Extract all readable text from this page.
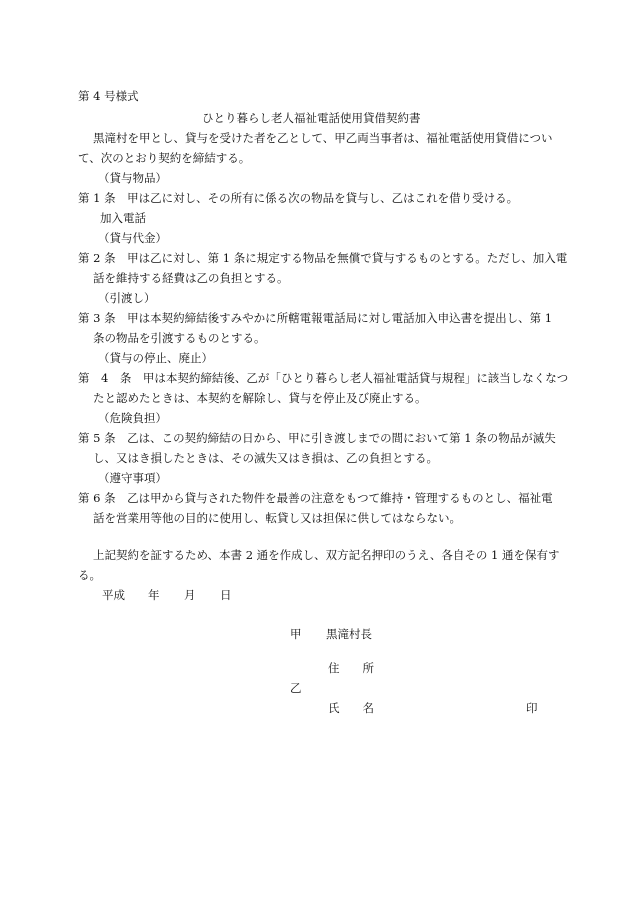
第 4 号様式
ひとり暮らし老人福祉電話使用貸借契約書
黒滝村を甲とし、貸与を受けた者を乙として、甲乙両当事者は、福祉電話使用貸借につい
て、次のとおり契約を締結する。
（貸与物品）
第 1 条　甲は乙に対し、その所有に係る次の物品を貸与し、乙はこれを借り受ける。
加入電話
（貸与代金）
第 2 条　甲は乙に対し、第 1 条に規定する物品を無償で貸与するものとする。ただし、加入電
話を維持する経費は乙の負担とする。
（引渡し）
第 3 条　甲は本契約締結後すみやかに所轄電報電話局に対し電話加入申込書を提出し、第 1
条の物品を引渡するものとする。
（貸与の停止、廃止）
第　4　条　甲は本契約締結後、乙が「ひとり暮らし老人福祉電話貸与規程」に該当しなくなつ
たと認めたときは、本契約を解除し、貸与を停止及び廃止する。
（危険負担）
第 5 条　乙は、この契約締結の日から、甲に引き渡しまでの間において第 1 条の物品が滅失
し、又はき損したときは、その滅失又はき損は、乙の負担とする。
（遵守事項）
第 6 条　乙は甲から貸与された物件を最善の注意をもつて維持・管理するものとし、福祉電
話を営業用等他の目的に使用し、転貸し又は担保に供してはならない。
上記契約を証するため、本書 2 通を作成し、双方記名押印のうえ、各自その 1 通を保有す
る。
平成 年 月 日
甲 黒滝村長
住　　所
乙
氏　　名	印
